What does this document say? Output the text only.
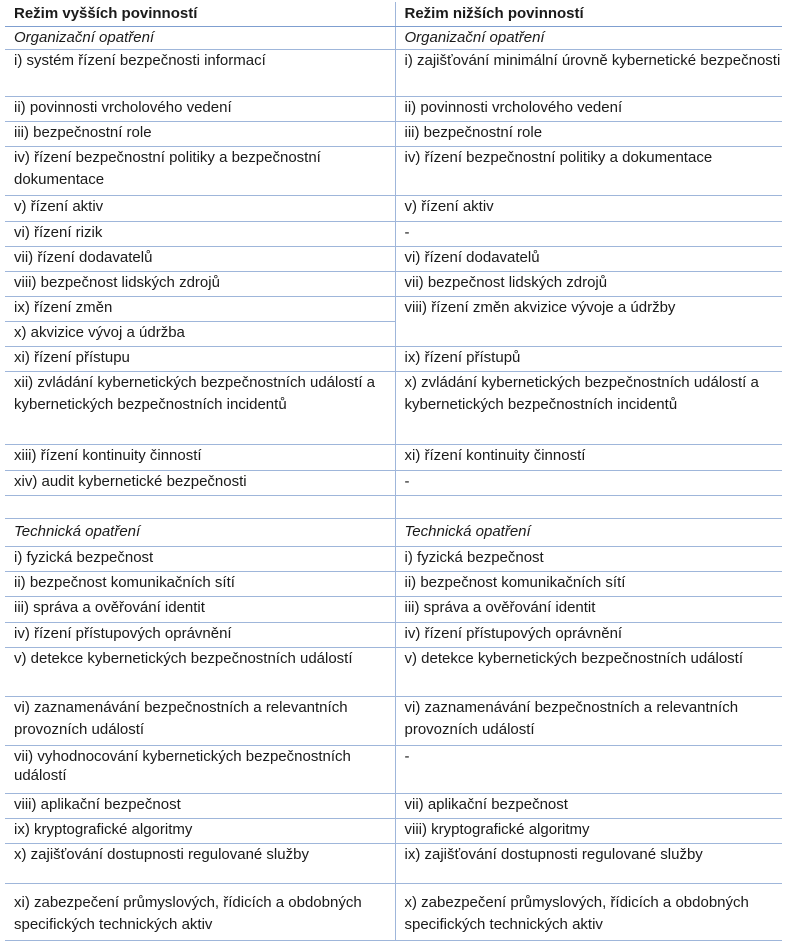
Režim vyšších povinností	Režim nižších povinností
Organizační opatření	Organizační opatření
i) systém řízení bezpečnosti informací	i) zajišťování minimální úrovně kybernetické bezpečnosti
ii) povinnosti vrcholového vedení	ii) povinnosti vrcholového vedení
iii) bezpečnostní role	iii) bezpečnostní role
iv) řízení bezpečnostní politiky a bezpečnostní dokumentace	iv) řízení bezpečnostní politiky a dokumentace
v) řízení aktiv	v) řízení aktiv
vi) řízení rizik	-
vii) řízení dodavatelů	vi) řízení dodavatelů
viii) bezpečnost lidských zdrojů	vii) bezpečnost lidských zdrojů
ix) řízení změn	viii) řízení změn akvizice vývoje a údržby
x) akvizice vývoj a údržba	
xi) řízení přístupu	ix) řízení přístupů
xii) zvládání kybernetických bezpečnostních událostí a kybernetických bezpečnostních incidentů	x) zvládání kybernetických bezpečnostních událostí a kybernetických bezpečnostních incidentů
xiii) řízení kontinuity činností	xi) řízení kontinuity činností
xiv) audit kybernetické bezpečnosti	-

Technická opatření	Technická opatření
i) fyzická bezpečnost	i) fyzická bezpečnost
ii) bezpečnost komunikačních sítí	ii) bezpečnost komunikačních sítí
iii) správa a ověřování identit	iii) správa a ověřování identit
iv) řízení přístupových oprávnění	iv) řízení přístupových oprávnění
v) detekce kybernetických bezpečnostních událostí	v) detekce kybernetických bezpečnostních událostí
vi) zaznamenávání bezpečnostních a relevantních provozních událostí	vi) zaznamenávání bezpečnostních a relevantních provozních událostí
vii) vyhodnocování kybernetických bezpečnostních událostí	-
viii) aplikační bezpečnost	vii) aplikační bezpečnost
ix) kryptografické algoritmy	viii) kryptografické algoritmy
x) zajišťování dostupnosti regulované služby	ix) zajišťování dostupnosti regulované služby
xi) zabezpečení průmyslových, řídicích a obdobných specifických technických aktiv	x) zabezpečení průmyslových, řídicích a obdobných specifických technických aktiv
